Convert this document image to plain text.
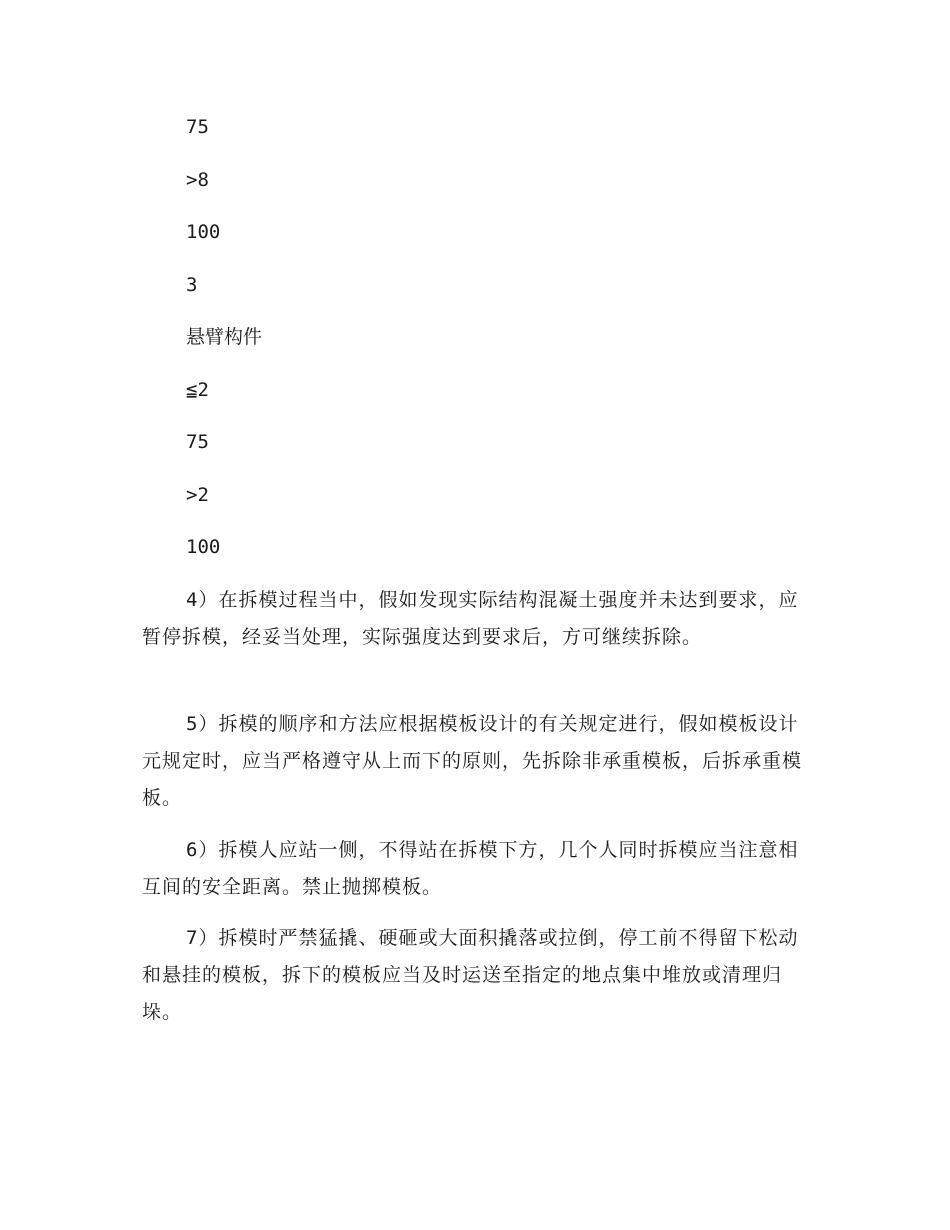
75
>8
100
3
悬臂构件
≦2
75
>2
100

4）在拆模过程当中，假如发现实际结构混凝土强度并未达到要求，应暂停拆模，经妥当处理，实际强度达到要求后，方可继续拆除。

5）拆模的顺序和方法应根据模板设计的有关规定进行，假如模板设计元规定时，应当严格遵守从上而下的原则，先拆除非承重模板，后拆承重模板。

6）拆模人应站一侧，不得站在拆模下方，几个人同时拆模应当注意相互间的安全距离。禁止抛掷模板。

7）拆模时严禁猛撬、硬砸或大面积撬落或拉倒，停工前不得留下松动和悬挂的模板，拆下的模板应当及时运送至指定的地点集中堆放或清理归垛。
